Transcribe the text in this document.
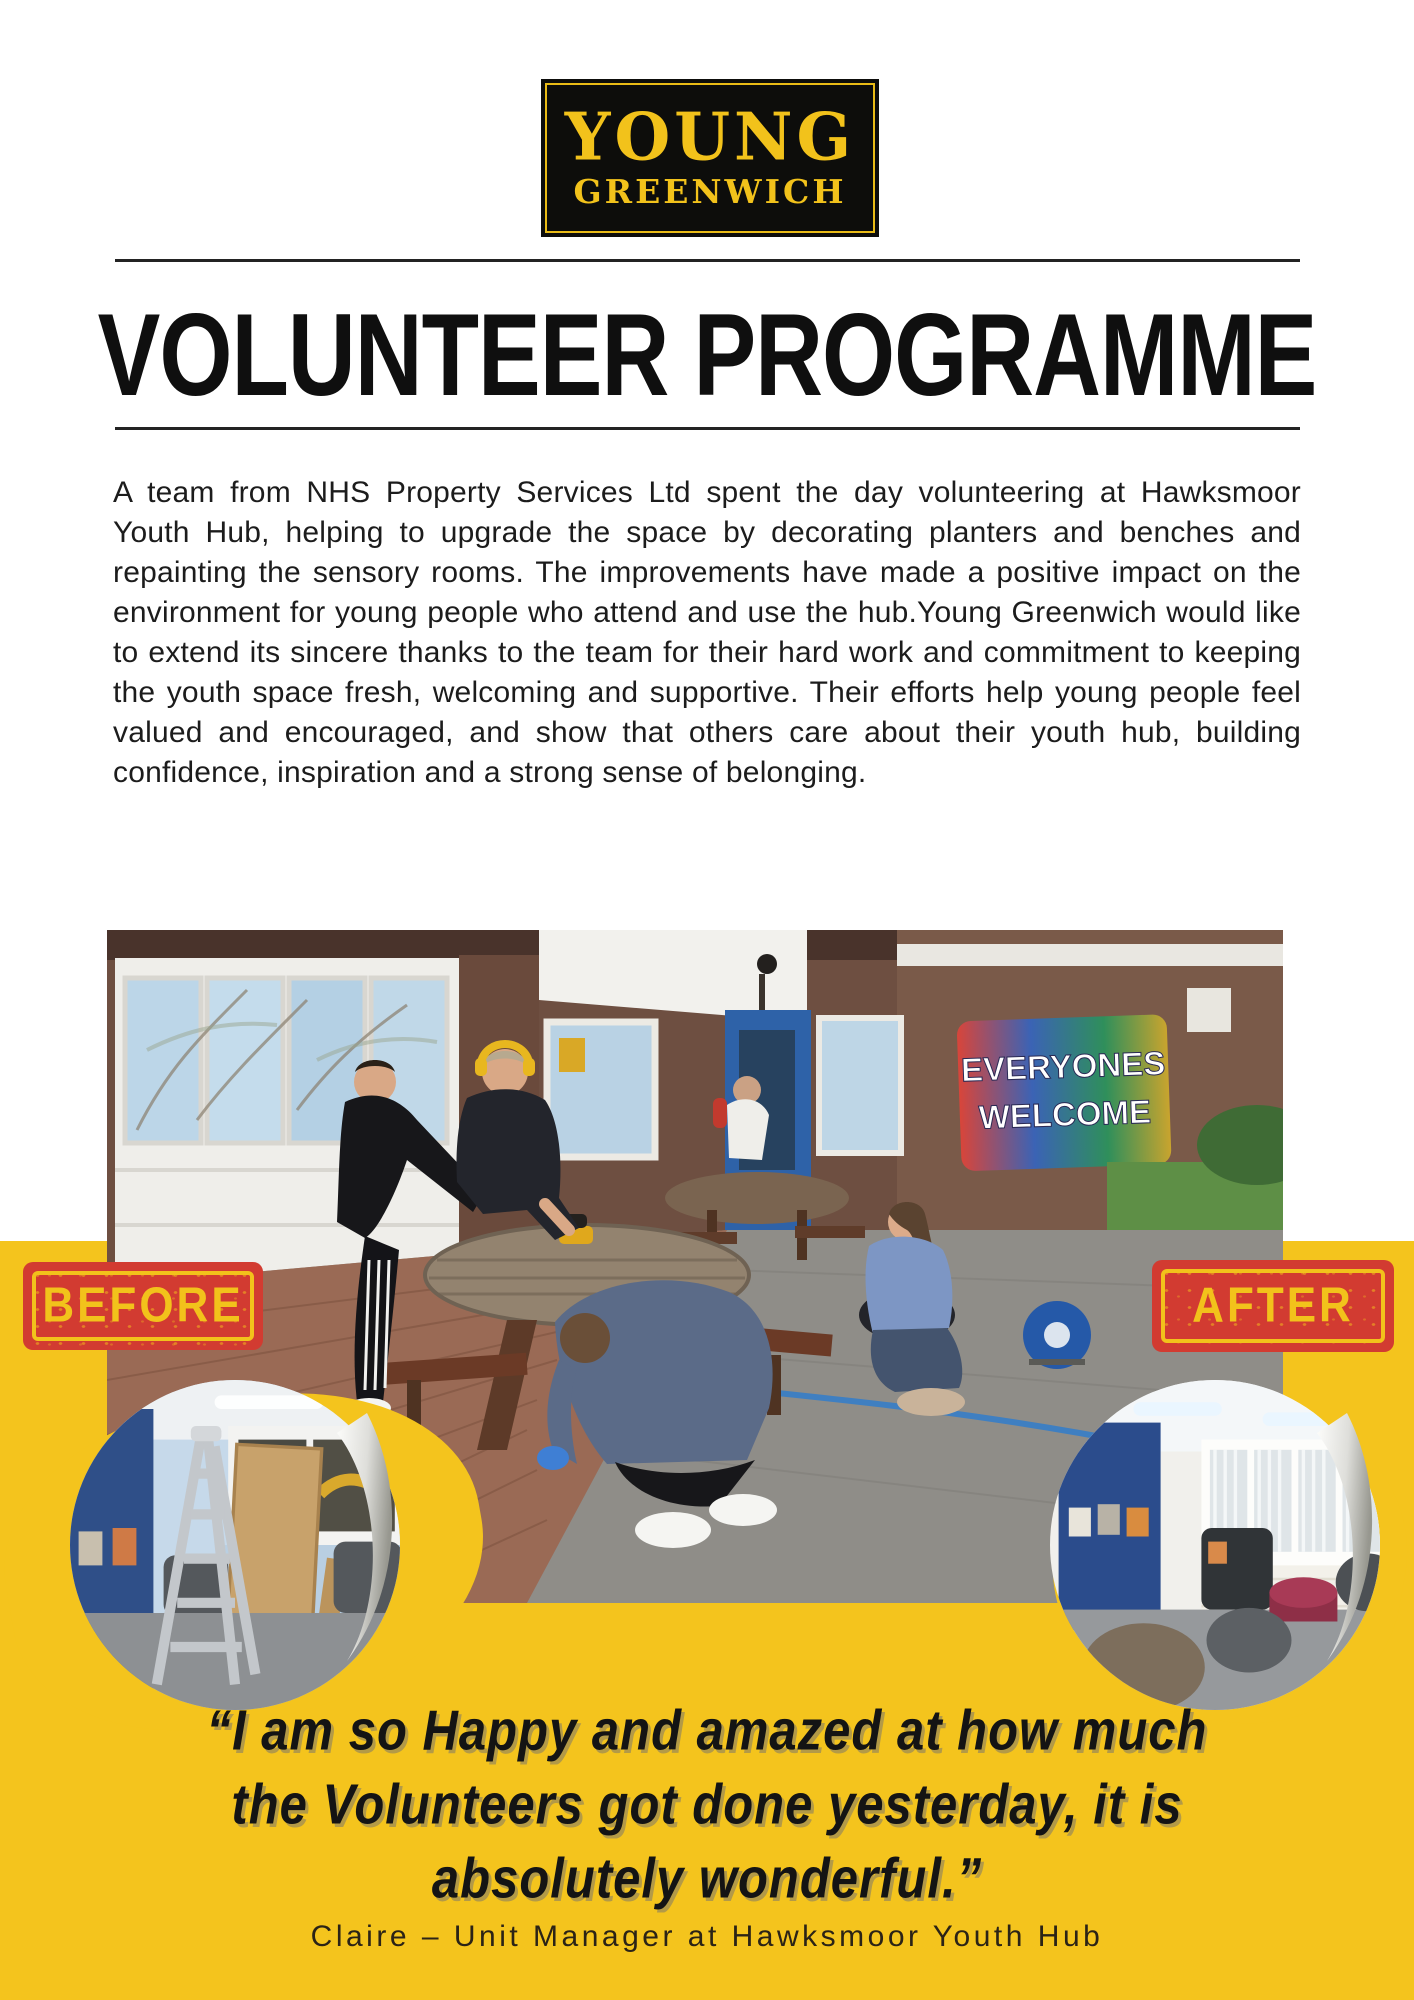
YOUNG
GREENWICH
VOLUNTEER PROGRAMME
A team from NHS Property Services Ltd spent the day volunteering at Hawksmoor Youth Hub, helping to upgrade the space by decorating planters and benches and repainting the sensory rooms. The improvements have made a positive impact on the environment for young people who attend and use the hub.Young Greenwich would like to extend its sincere thanks to the team for their hard work and commitment to keeping the youth space fresh, welcoming and supportive. Their efforts help young people feel valued and encouraged, and show that others care about their youth hub, building confidence, inspiration and a strong sense of belonging.
EVERYONES
WELCOME
BEFORE	AFTER
“I am so Happy and amazed at how much
the Volunteers got done yesterday, it is
absolutely wonderful.”
Claire – Unit Manager at Hawksmoor Youth Hub
